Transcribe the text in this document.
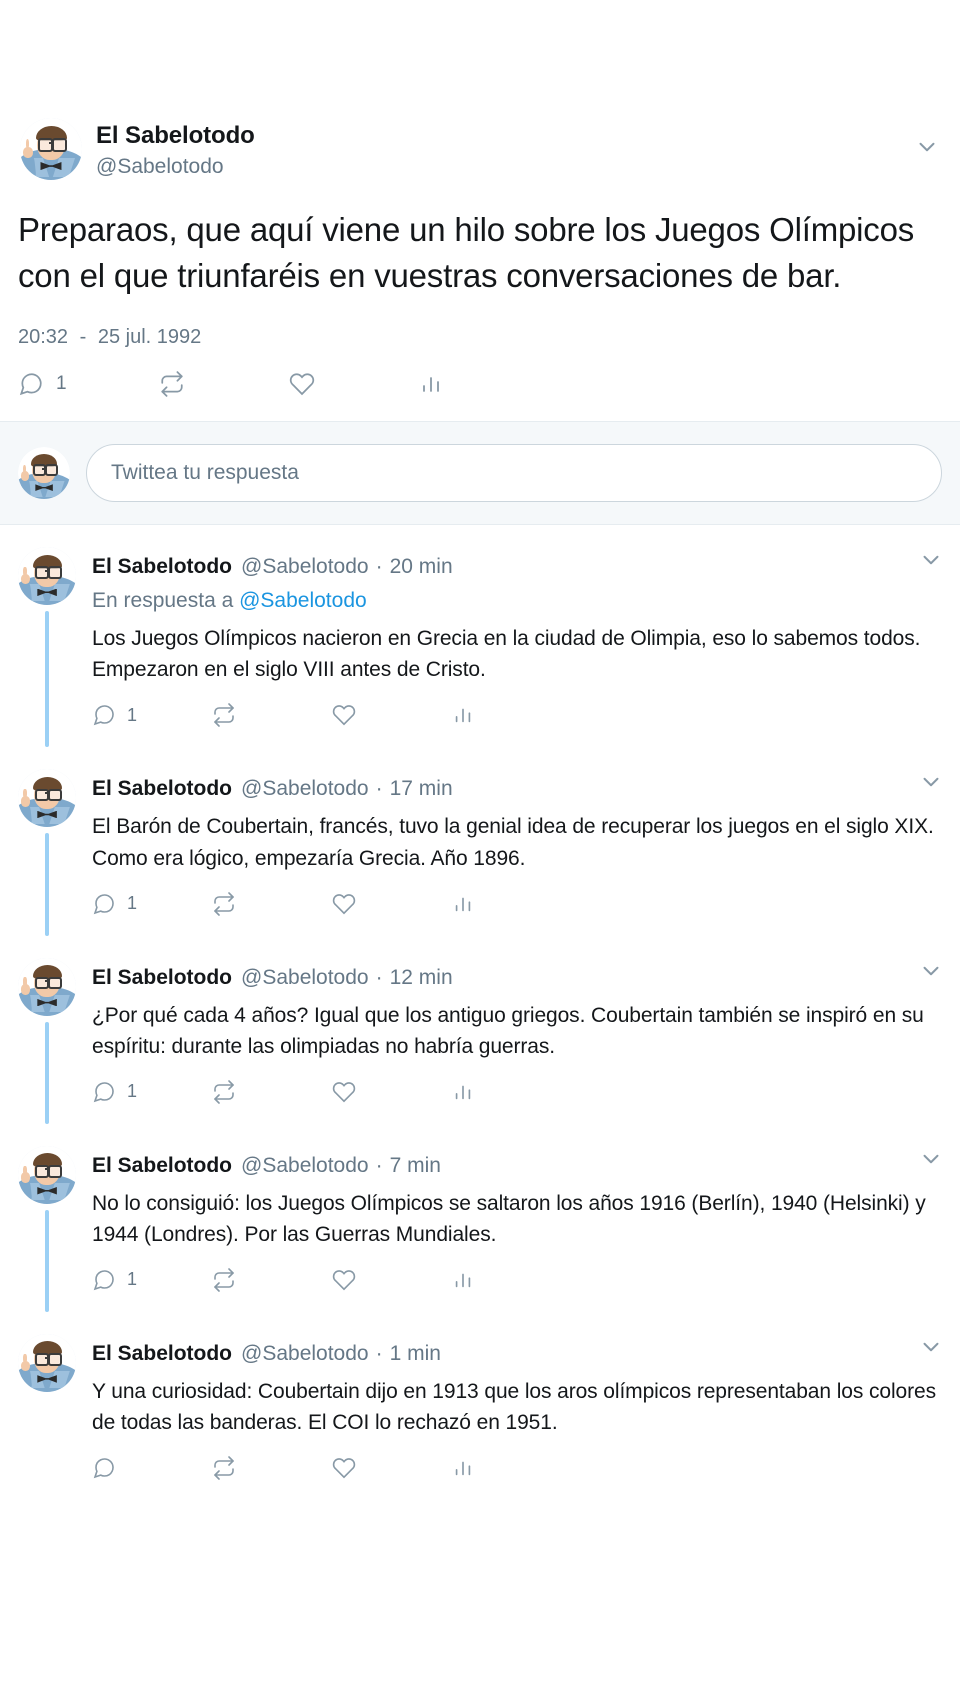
El Sabelotodo
@Sabelotodo
Preparaos, que aquí viene un hilo sobre los Juegos Olímpicos con el que triunfaréis en vuestras conversaciones de bar.
20:32 - 25 jul. 1992
1
Twittea tu respuesta
El Sabelotodo @Sabelotodo · 20 min
En respuesta a @Sabelotodo
Los Juegos Olímpicos nacieron en Grecia en la ciudad de Olimpia, eso lo sabemos todos. Empezaron en el siglo VIII antes de Cristo.
1
El Sabelotodo @Sabelotodo · 17 min
El Barón de Coubertain, francés, tuvo la genial idea de recuperar los juegos en el siglo XIX. Como era lógico, empezaría Grecia. Año 1896.
1
El Sabelotodo @Sabelotodo · 12 min
¿Por qué cada 4 años? Igual que los antiguo griegos. Coubertain también se inspiró en su espíritu: durante las olimpiadas no habría guerras.
1
El Sabelotodo @Sabelotodo · 7 min
No lo consiguió: los Juegos Olímpicos se saltaron los años 1916 (Berlín), 1940 (Helsinki) y 1944 (Londres). Por las Guerras Mundiales.
1
El Sabelotodo @Sabelotodo · 1 min
Y una curiosidad: Coubertain dijo en 1913 que los aros olímpicos representaban los colores de todas las banderas. El COI lo rechazó en 1951.
